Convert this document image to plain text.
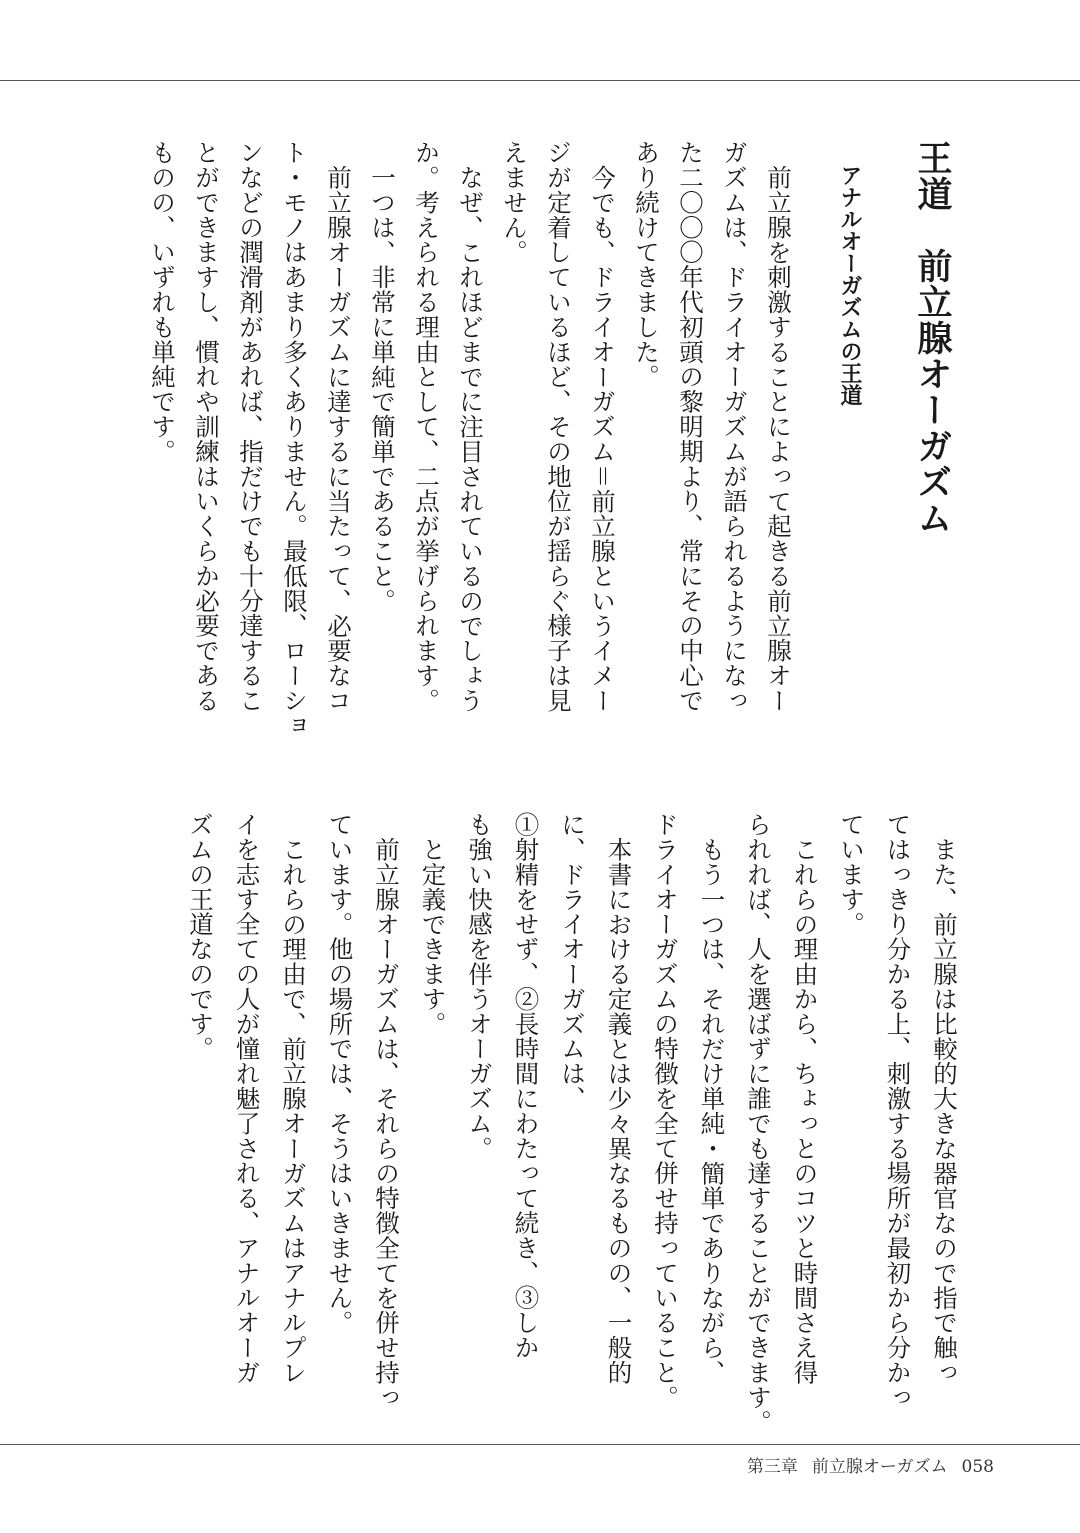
王道　前立腺オーガズム
アナルオーガズムの王道
前立腺を刺激することによって起きる前立腺オー
ガズムは、ドライオーガズムが語られるようになっ
た二〇〇〇年代初頭の黎明期より、常にその中心で
あり続けてきました。
今でも、ドライオーガズム＝前立腺というイメー
ジが定着しているほど、その地位が揺らぐ様子は見
えません。
なぜ、これほどまでに注目されているのでしょう
か。考えられる理由として、二点が挙げられます。
一つは、非常に単純で簡単であること。
前立腺オーガズムに達するに当たって、必要なコ
ト・モノはあまり多くありません。最低限、ローショ
ンなどの潤滑剤があれば、指だけでも十分達するこ
とができますし、慣れや訓練はいくらか必要である
ものの、いずれも単純です。
また、前立腺は比較的大きな器官なので指で触っ
てはっきり分かる上、刺激する場所が最初から分かっ
ています。
これらの理由から、ちょっとのコツと時間さえ得
られれば、人を選ばずに誰でも達することができます。
もう一つは、それだけ単純・簡単でありながら、
ドライオーガズムの特徴を全て併せ持っていること。
本書における定義とは少々異なるものの、一般的
に、ドライオーガズムは、
①射精をせず、②長時間にわたって続き、③しか
も強い快感を伴うオーガズム。
と定義できます。
前立腺オーガズムは、それらの特徴全てを併せ持っ
ています。他の場所では、そうはいきません。
これらの理由で、前立腺オーガズムはアナルプレ
イを志す全ての人が憧れ魅了される、アナルオーガ
ズムの王道なのです。
第三章 前立腺オーガズム 058
